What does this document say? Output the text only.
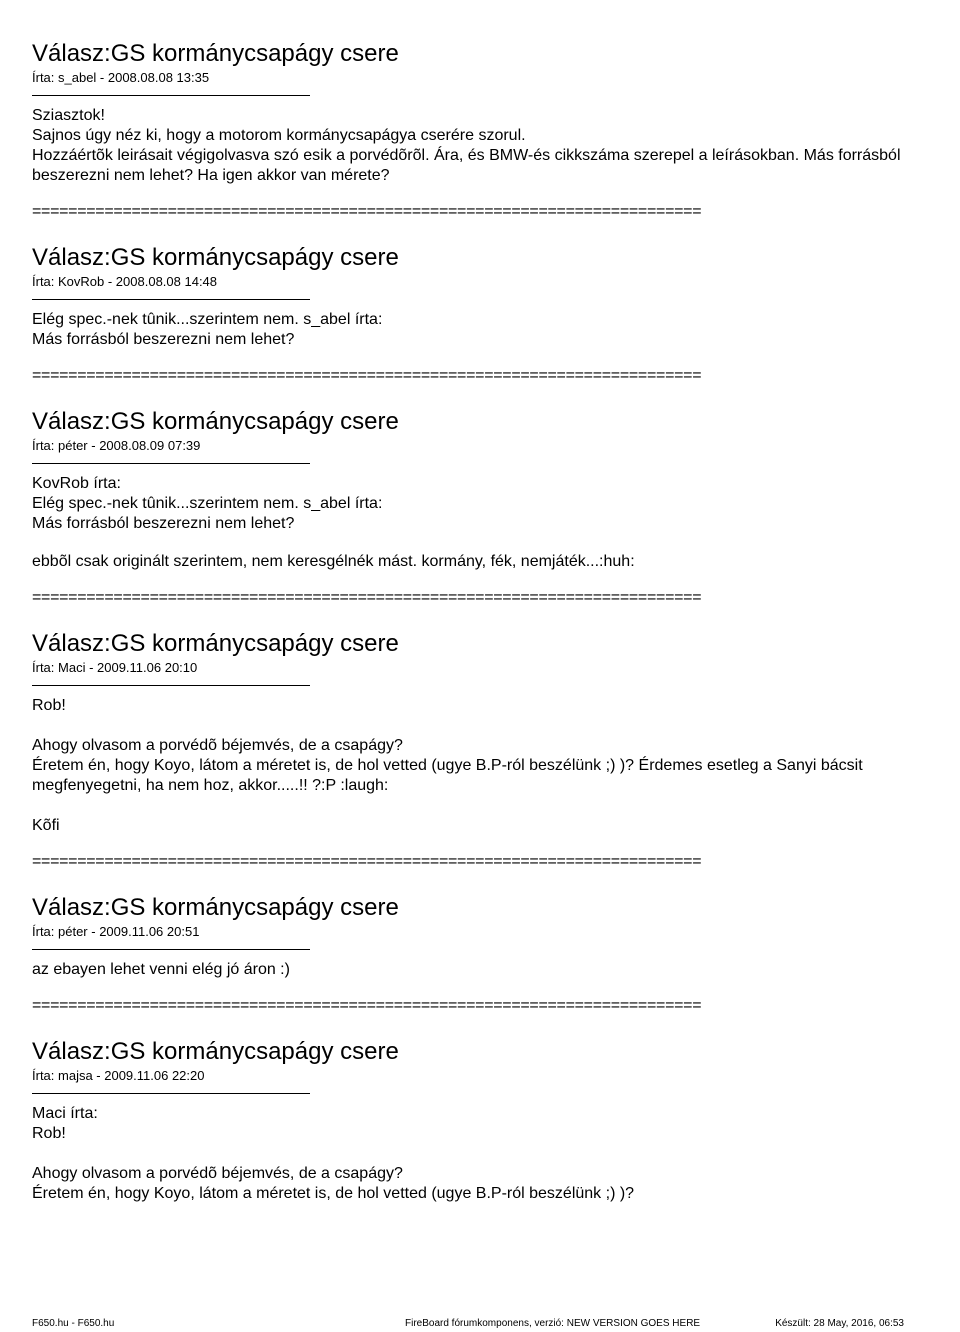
Válasz:GS kormánycsapágy csere

Írta: s_abel - 2008.08.08 13:35

Sziasztok!

Sajnos úgy néz ki, hogy a motorom kormánycsapágya cserére szorul.

Hozzáértõk leirásait végigolvasva szó esik a porvédõrõl. Ára, és BMW-és cikkszáma szerepel a leírásokban. Más forrásból beszerezni nem lehet? Ha igen akkor van mérete?

==========================================================================
Válasz:GS kormánycsapágy csere

Írta: KovRob - 2008.08.08 14:48

Elég spec.-nek tûnik...szerintem nem. s_abel írta:

Más forrásból beszerezni nem lehet?

==========================================================================
Válasz:GS kormánycsapágy csere

Írta: péter - 2008.08.09 07:39

KovRob írta:

Elég spec.-nek tûnik...szerintem nem. s_abel írta:

Más forrásból beszerezni nem lehet?

ebbõl csak originált szerintem, nem keresgélnék mást. kormány, fék, nemjáték...:huh:

==========================================================================
Válasz:GS kormánycsapágy csere

Írta: Maci - 2009.11.06 20:10

Rob!

Ahogy olvasom a porvédõ béjemvés, de a csapágy?

Éretem én, hogy Koyo, látom a méretet is, de hol vetted (ugye B.P-ról beszélünk ;) )? Érdemes esetleg a Sanyi bácsit megfenyegetni, ha nem hoz, akkor.....!! ?:P :laugh:

Kõfi

==========================================================================
Válasz:GS kormánycsapágy csere

Írta: péter - 2009.11.06 20:51

az ebayen lehet venni elég jó áron :)

==========================================================================
Válasz:GS kormánycsapágy csere

Írta: majsa - 2009.11.06 22:20

Maci írta:

Rob!

Ahogy olvasom a porvédõ béjemvés, de a csapágy?

Éretem én, hogy Koyo, látom a méretet is, de hol vetted (ugye B.P-ról beszélünk ;) )?

F650.hu - F650.hu	FireBoard fórumkomponens, verzió: NEW VERSION GOES HERE	Készült: 28 May, 2016, 06:53
